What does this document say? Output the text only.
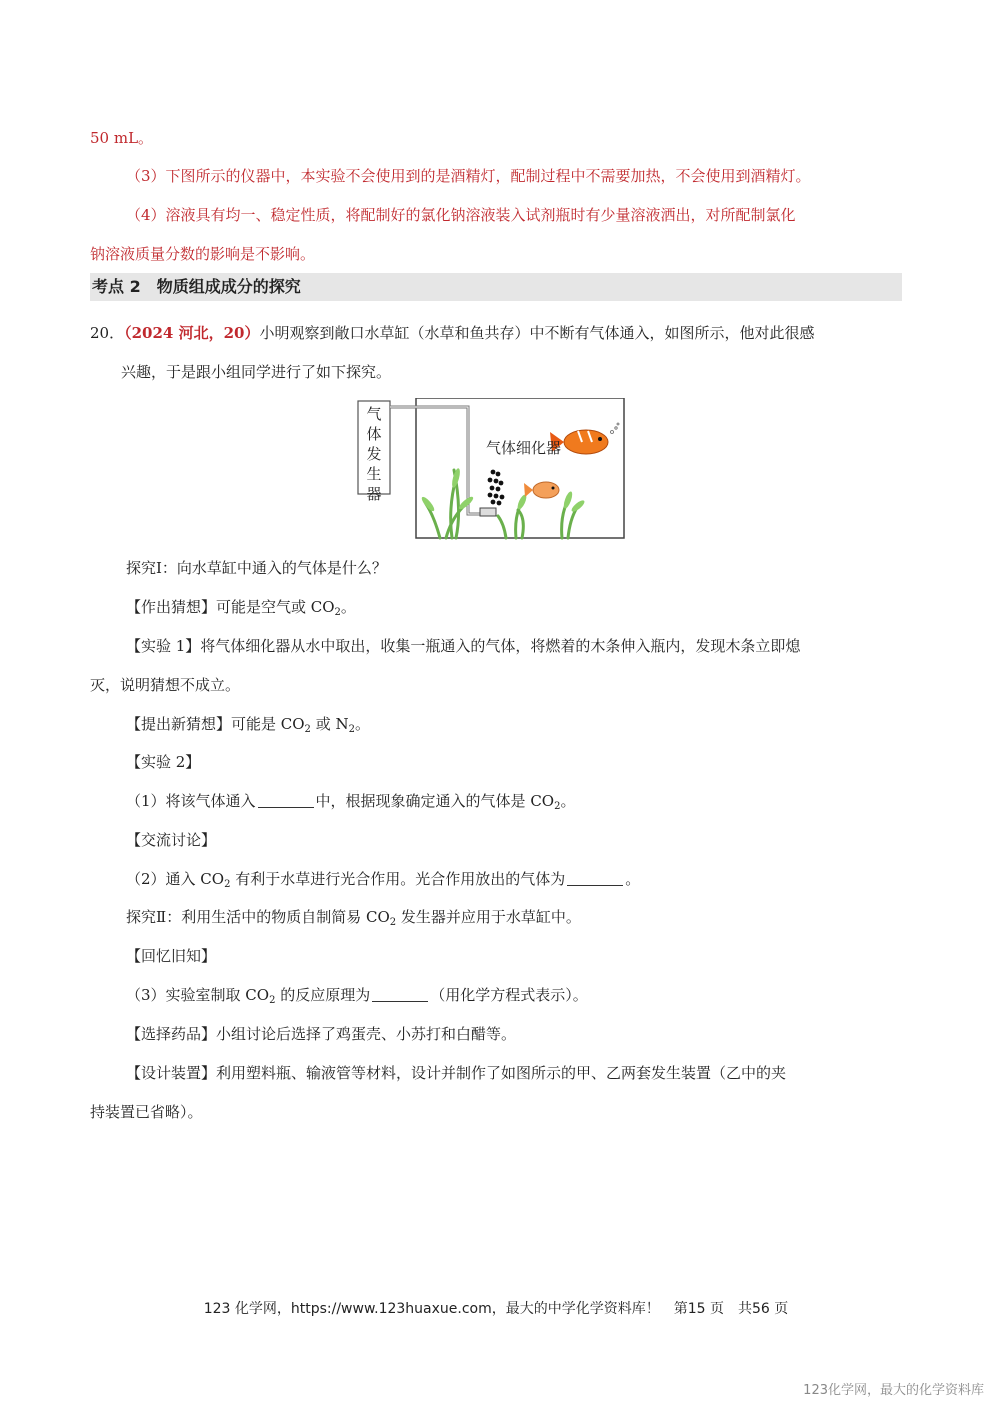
50 mL。
（3）下图所示的仪器中，本实验不会使用到的是酒精灯，配制过程中不需要加热，不会使用到酒精灯。
（4）溶液具有均一、稳定性质，将配制好的氯化钠溶液装入试剂瓶时有少量溶液洒出，对所配制氯化
钠溶液质量分数的影响是不影响。
考点 2　物质组成成分的探究
20．（2024 河北，20）小明观察到敞口水草缸（水草和鱼共存）中不断有气体通入，如图所示，他对此很感
兴趣，于是跟小组同学进行了如下探究。
气体发生器
气体细化器
探究Ⅰ：向水草缸中通入的气体是什么？
【作出猜想】可能是空气或 $CO_2$。
【实验 1】将气体细化器从水中取出，收集一瓶通入的气体，将燃着的木条伸入瓶内，发现木条立即熄
灭，说明猜想不成立。
【提出新猜想】可能是 $CO_2$ 或 $N_2$。
【实验 2】
（1）将该气体通入	中，根据现象确定通入的气体是 $CO_2$。
【交流讨论】
（2）通入 $CO_2$ 有利于水草进行光合作用。光合作用放出的气体为	。
探究Ⅱ：利用生活中的物质自制简易 $CO_2$ 发生器并应用于水草缸中。
【回忆旧知】
（3）实验室制取 $CO_2$ 的反应原理为	（用化学方程式表示）。
【选择药品】小组讨论后选择了鸡蛋壳、小苏打和白醋等。
【设计装置】利用塑料瓶、输液管等材料，设计并制作了如图所示的甲、乙两套发生装置（乙中的夹
持装置已省略）。
123 化学网，https://www.123huaxue.com，最大的中学化学资料库！　第15 页　共56 页
123化学网，最大的化学资料库
